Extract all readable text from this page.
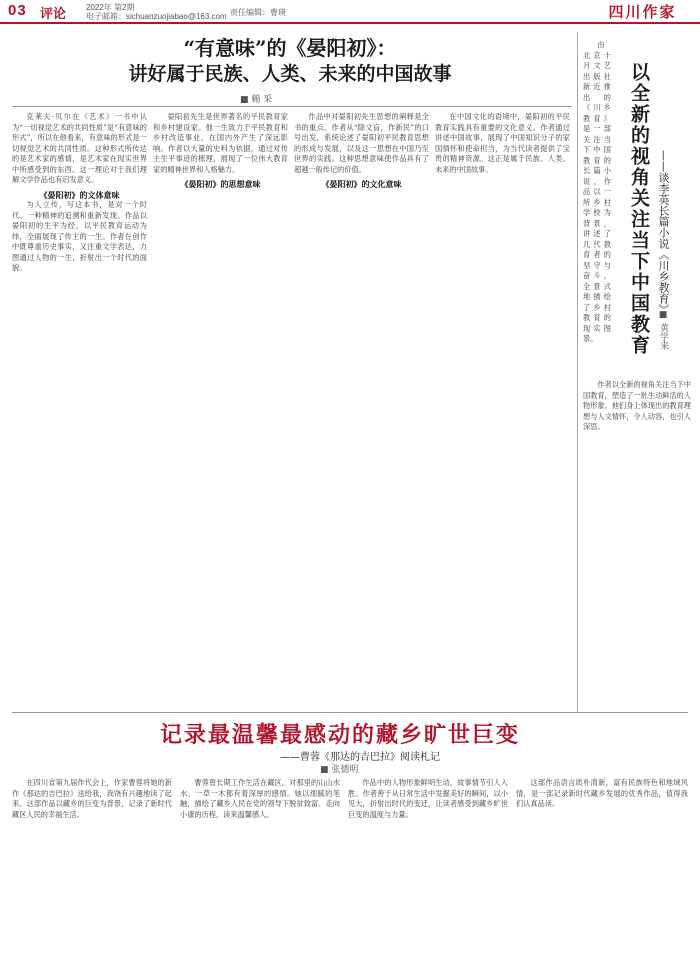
03 评论 2022年 第2期
电子邮箱：sichuanzuojiabao@163.com 责任编辑：曹瑛	四川作家
“有意味”的《晏阳初》：
讲好属于民族、人类、未来的中国故事
■ 赖 采

克莱夫·贝尔在《艺术》一书中认为“一切视觉艺术的共同性质”是“有意味的形式”，所以在他看来，有意味的形式是一切视觉艺术的共同性质。这种形式所传达的是艺术家的感情，是艺术家在现实世界中所感受到的东西。这一理论对于我们理解文学作品也有启发意义。

《晏阳初》的文体意味

为人立传，写这本书，是对一个时代、一种精神的追溯和重新发现。作品以晏阳初的生平为经，以平民教育运动为纬，全面展现了传主的一生。作者在创作中既尊重历史事实，又注重文学表达，力图通过人物的一生，折射出一个时代的面貌。

晏阳初先生是世界著名的平民教育家和乡村建设家。他一生致力于平民教育和乡村改造事业，在国内外产生了深远影响。作者以大量的史料为依据，通过对传主生平事迹的梳理，展现了一位伟大教育家的精神世界和人格魅力。

《晏阳初》的思想意味

作品中对晏阳初先生思想的阐释是全书的重点。作者从“除文盲，作新民”的口号出发，系统论述了晏阳初平民教育思想的形成与发展，以及这一思想在中国乃至世界的实践。这种思想意味使作品具有了超越一般传记的价值。

《晏阳初》的文化意味

在中国文化的语境中，晏阳初的平民教育实践具有重要的文化意义。作者通过讲述中国故事，展现了中国知识分子的家国情怀和使命担当，为当代读者提供了宝贵的精神资源。这正是属于民族、人类、未来的中国故事。	以全新的视角关注当下中国教育 ——谈李英长篇小说《川乡教育》
■ 黄学来

由北京十月文艺出版社新近推出的《川乡教育》是一部关注当下中国教育的长篇小说。作品以一所乡村学校为背景，讲述了几代教育者的坚守与奋斗，全景式地描绘了乡村教育的现实图景。

作者以全新的视角关注当下中国教育，塑造了一批生动鲜活的人物形象。他们身上体现出的教育理想与人文情怀，令人动容，也引人深思。

记录最温馨最感动的藏乡旷世巨变
——曹蓉《那达的吉巴拉》阅读札记
■ 张德明

在四川省第九届作代会上，作家曹蓉将她的新作《那达的吉巴拉》送给我，我饶有兴趣地读了起来。这部作品以藏乡的巨变为背景，记录了新时代藏区人民的幸福生活。

曹蓉曾长期工作生活在藏区，对那里的山山水水、一草一木都有着深厚的感情。她以细腻的笔触，描绘了藏乡人民在党的领导下脱贫致富、走向小康的历程，读来温馨感人。

作品中的人物形象鲜明生动，故事情节引人入胜。作者善于从日常生活中发掘美好的瞬间，以小见大，折射出时代的变迁，让读者感受到藏乡旷世巨变的温度与力量。

这部作品语言质朴清新，富有民族特色和地域风情，是一部记录新时代藏乡发展的优秀作品，值得我们认真品读。
